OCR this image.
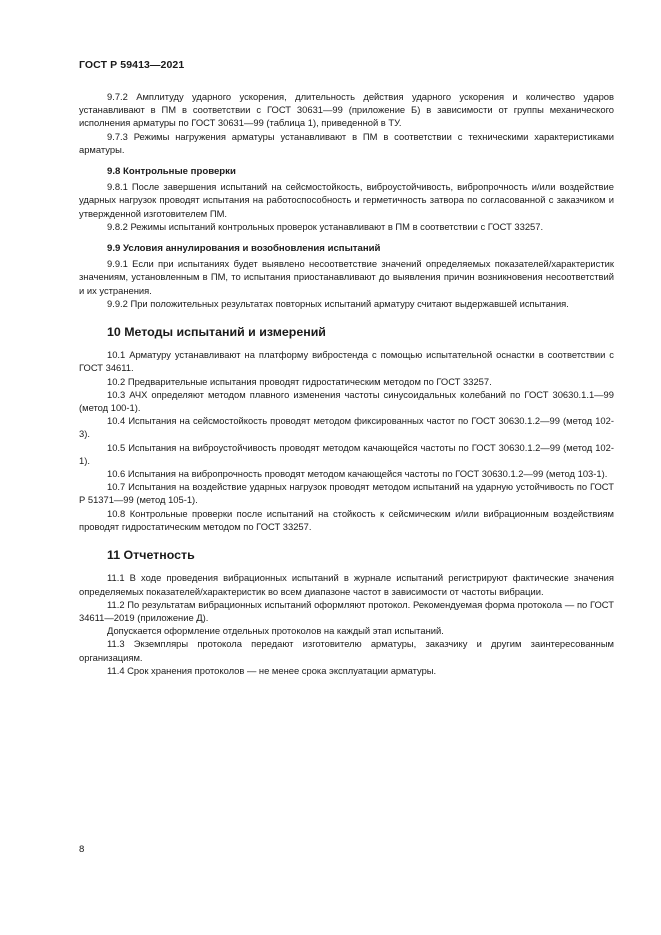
ГОСТ Р 59413—2021

9.7.2 Амплитуду ударного ускорения, длительность действия ударного ускорения и количество ударов устанавливают в ПМ в соответствии с ГОСТ 30631—99 (приложение Б) в зависимости от группы механического исполнения арматуры по ГОСТ 30631—99 (таблица 1), приведенной в ТУ.

9.7.3 Режимы нагружения арматуры устанавливают в ПМ в соответствии с техническими характеристиками арматуры.

9.8 Контрольные проверки

9.8.1 После завершения испытаний на сейсмостойкость, виброустойчивость, вибропрочность и/или воздействие ударных нагрузок проводят испытания на работоспособность и герметичность затвора по согласованной с заказчиком и утвержденной изготовителем ПМ.

9.8.2 Режимы испытаний контрольных проверок устанавливают в ПМ в соответствии с ГОСТ 33257.

9.9 Условия аннулирования и возобновления испытаний

9.9.1 Если при испытаниях будет выявлено несоответствие значений определяемых показателей/характеристик значениям, установленным в ПМ, то испытания приостанавливают до выявления причин возникновения несоответствий и их устранения.

9.9.2 При положительных результатах повторных испытаний арматуру считают выдержавшей испытания.

10 Методы испытаний и измерений

10.1 Арматуру устанавливают на платформу вибростенда с помощью испытательной оснастки в соответствии с ГОСТ 34611.

10.2 Предварительные испытания проводят гидростатическим методом по ГОСТ 33257.

10.3 АЧХ определяют методом плавного изменения частоты синусоидальных колебаний по ГОСТ 30630.1.1—99 (метод 100-1).

10.4 Испытания на сейсмостойкость проводят методом фиксированных частот по ГОСТ 30630.1.2—99 (метод 102-3).

10.5 Испытания на виброустойчивость проводят методом качающейся частоты по ГОСТ 30630.1.2—99 (метод 102-1).

10.6 Испытания на вибропрочность проводят методом качающейся частоты по ГОСТ 30630.1.2—99 (метод 103-1).

10.7 Испытания на воздействие ударных нагрузок проводят методом испытаний на ударную устойчивость по ГОСТ Р 51371—99 (метод 105-1).

10.8 Контрольные проверки после испытаний на стойкость к сейсмическим и/или вибрационным воздействиям проводят гидростатическим методом по ГОСТ 33257.

11 Отчетность

11.1 В ходе проведения вибрационных испытаний в журнале испытаний регистрируют фактические значения определяемых показателей/характеристик во всем диапазоне частот в зависимости от частоты вибрации.

11.2 По результатам вибрационных испытаний оформляют протокол. Рекомендуемая форма протокола — по ГОСТ 34611—2019 (приложение Д).

Допускается оформление отдельных протоколов на каждый этап испытаний.

11.3 Экземпляры протокола передают изготовителю арматуры, заказчику и другим заинтересованным организациям.

11.4 Срок хранения протоколов — не менее срока эксплуатации арматуры.

8
